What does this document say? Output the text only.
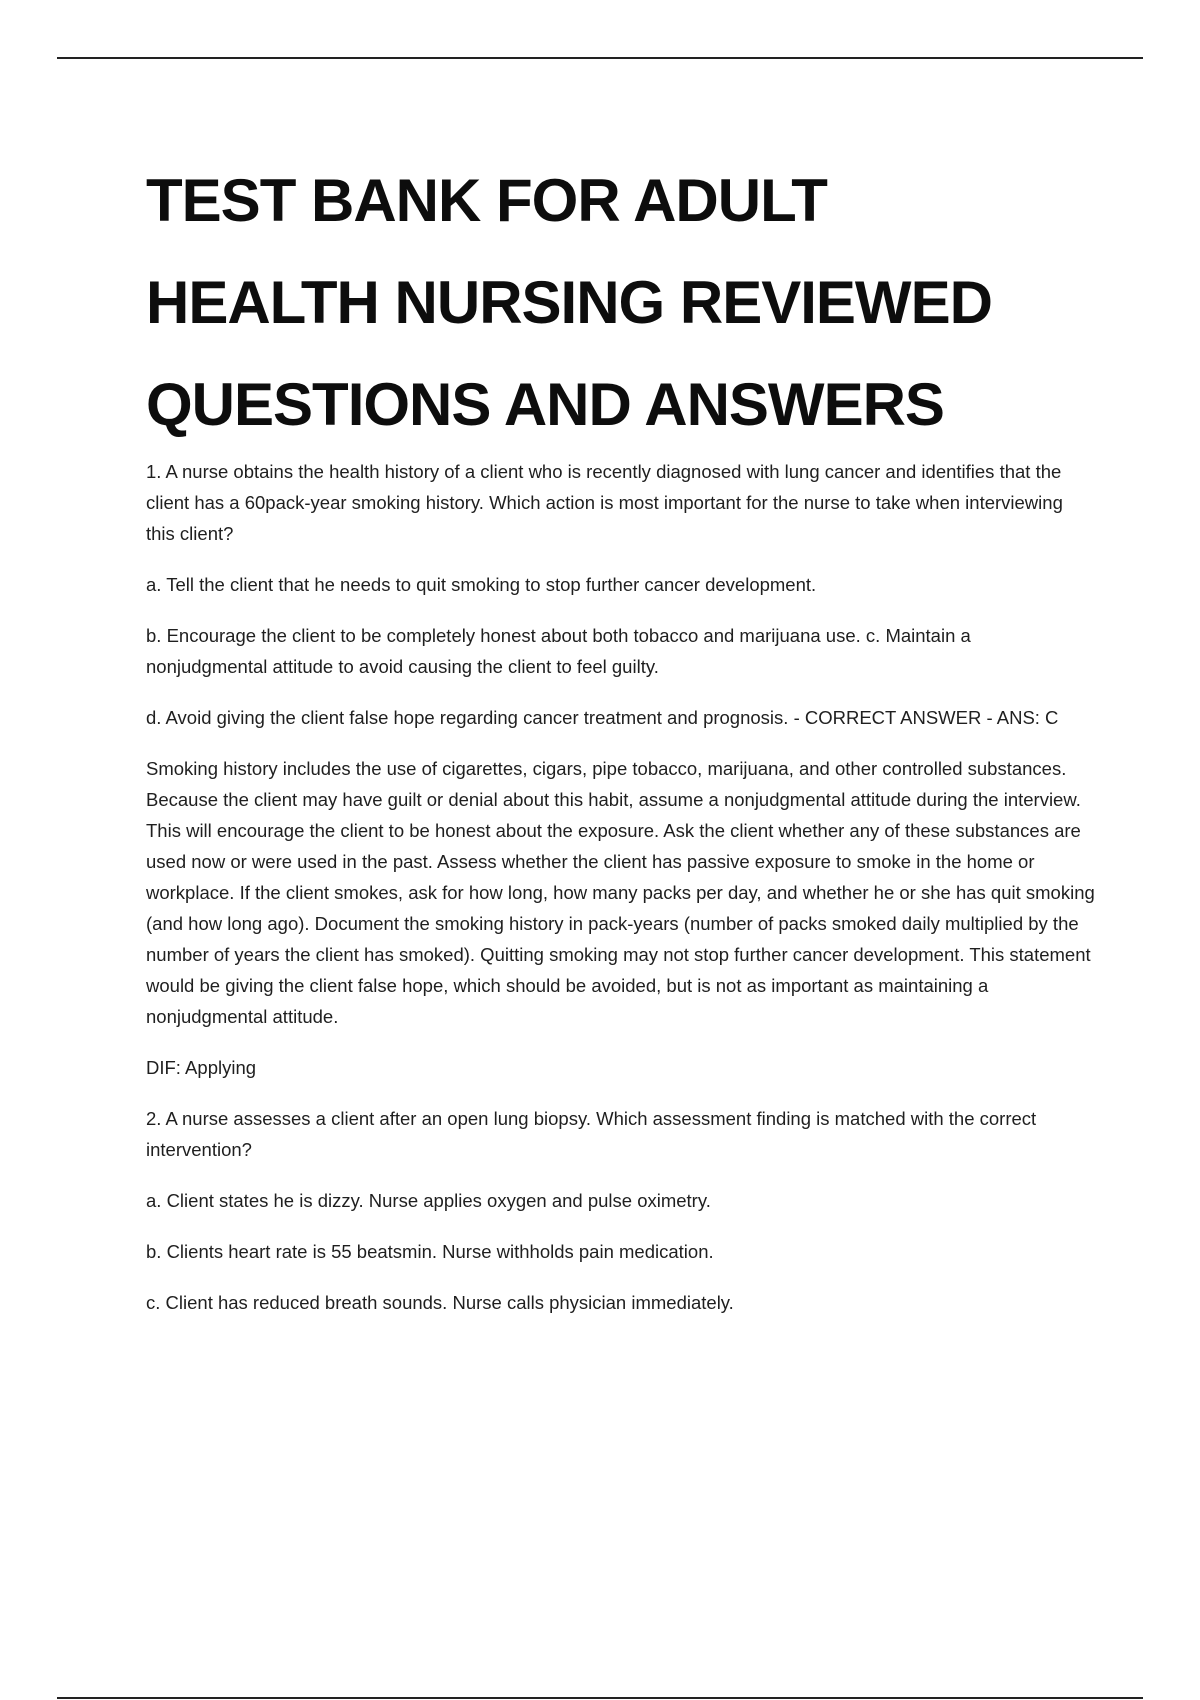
TEST BANK FOR ADULT
HEALTH NURSING REVIEWED
QUESTIONS AND ANSWERS

1. A nurse obtains the health history of a client who is recently diagnosed with lung cancer and identifies that the client has a 60pack-year smoking history. Which action is most important for the nurse to take when interviewing this client?

a. Tell the client that he needs to quit smoking to stop further cancer development.

b. Encourage the client to be completely honest about both tobacco and marijuana use. c. Maintain a nonjudgmental attitude to avoid causing the client to feel guilty.

d. Avoid giving the client false hope regarding cancer treatment and prognosis. - CORRECT ANSWER - ANS: C

Smoking history includes the use of cigarettes, cigars, pipe tobacco, marijuana, and other controlled substances. Because the client may have guilt or denial about this habit, assume a nonjudgmental attitude during the interview. This will encourage the client to be honest about the exposure. Ask the client whether any of these substances are used now or were used in the past. Assess whether the client has passive exposure to smoke in the home or workplace. If the client smokes, ask for how long, how many packs per day, and whether he or she has quit smoking (and how long ago). Document the smoking history in pack-years (number of packs smoked daily multiplied by the number of years the client has smoked). Quitting smoking may not stop further cancer development. This statement would be giving the client false hope, which should be avoided, but is not as important as maintaining a nonjudgmental attitude.

DIF: Applying

2. A nurse assesses a client after an open lung biopsy. Which assessment finding is matched with the correct intervention?

a. Client states he is dizzy. Nurse applies oxygen and pulse oximetry.

b. Clients heart rate is 55 beatsmin. Nurse withholds pain medication.

c. Client has reduced breath sounds. Nurse calls physician immediately.
